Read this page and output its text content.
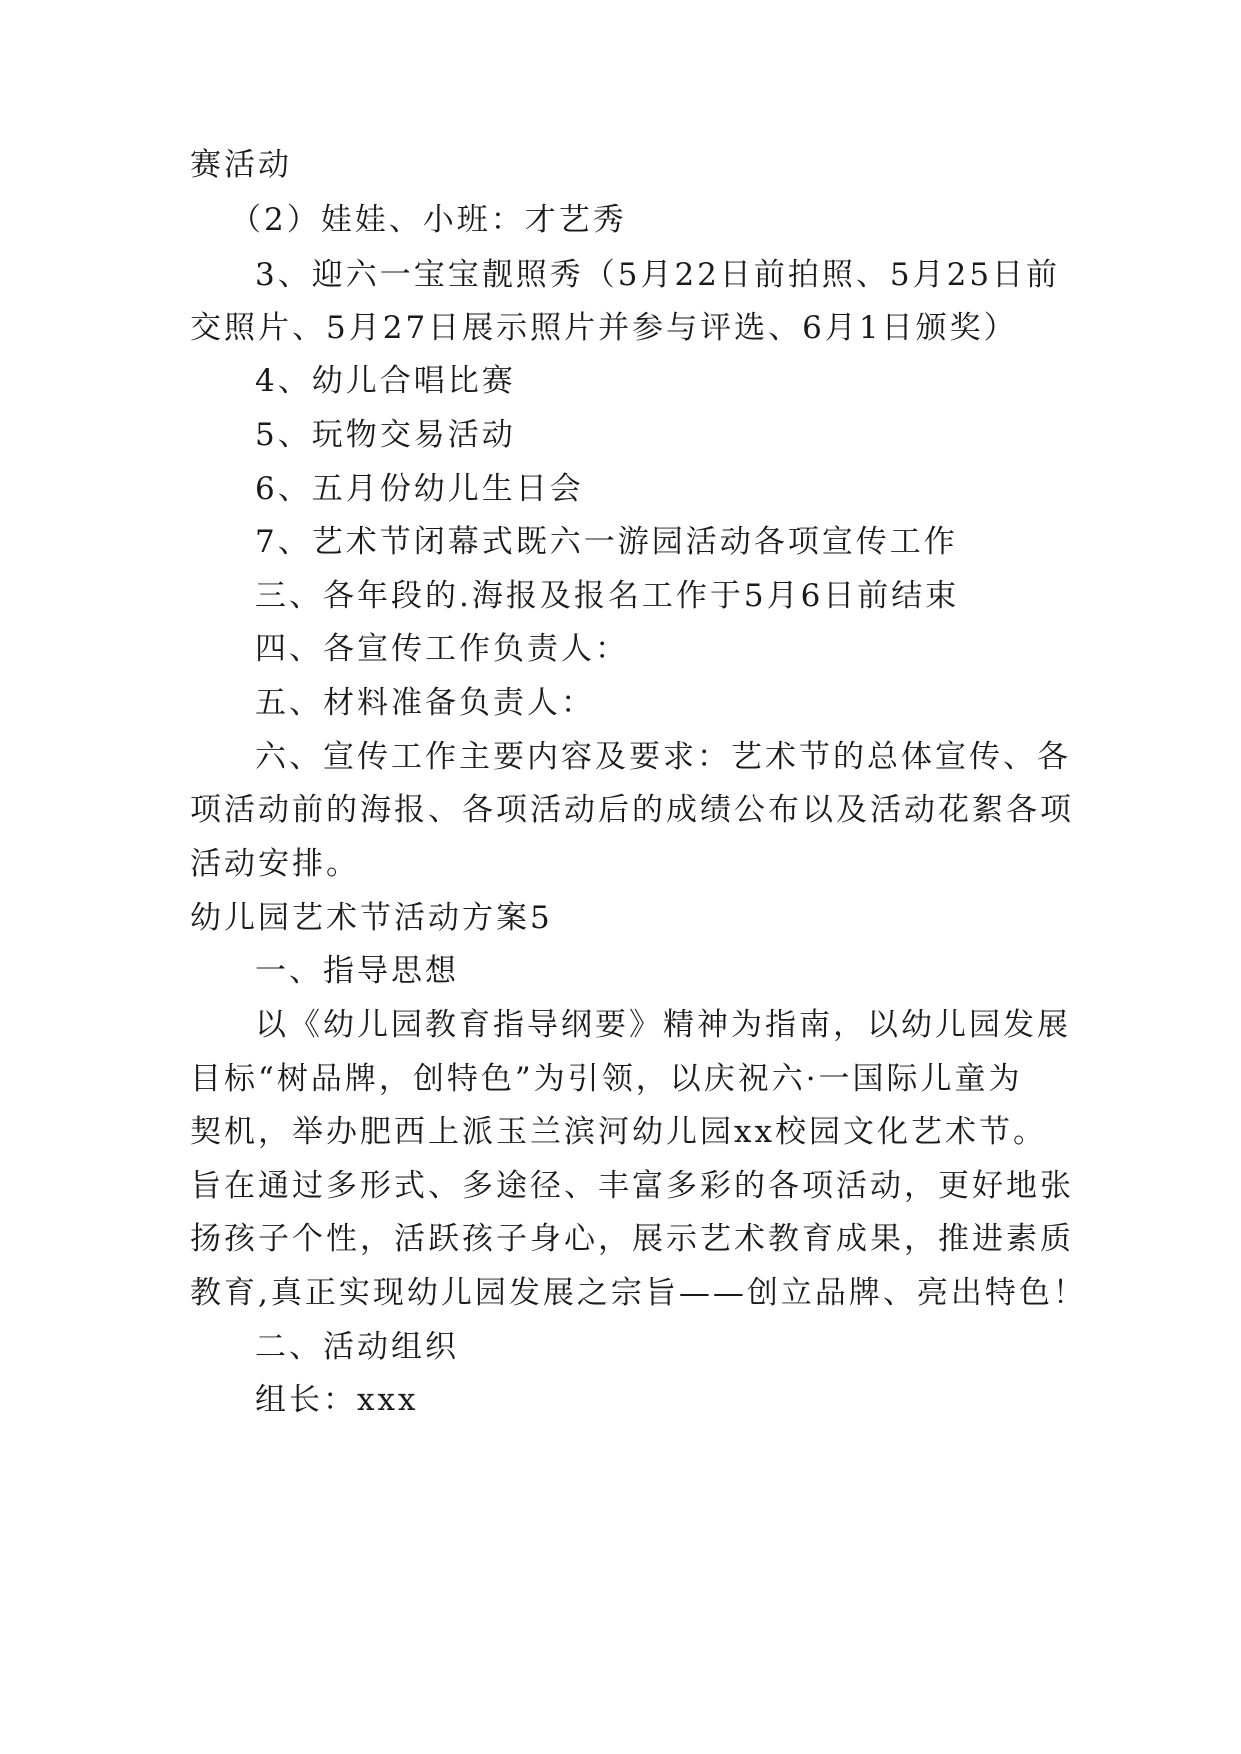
赛活动
（2）娃娃、小班：才艺秀
3、迎六一宝宝靓照秀（5月22日前拍照、5月25日前
交照片、5月27日展示照片并参与评选、6月1日颁奖）
4、幼儿合唱比赛
5、玩物交易活动
6、五月份幼儿生日会
7、艺术节闭幕式既六一游园活动各项宣传工作
三、各年段的.海报及报名工作于5月6日前结束
四、各宣传工作负责人：
五、材料准备负责人：
六、宣传工作主要内容及要求：艺术节的总体宣传、各
项活动前的海报、各项活动后的成绩公布以及活动花絮各项
活动安排。
幼儿园艺术节活动方案5
一、指导思想
以《幼儿园教育指导纲要》精神为指南，以幼儿园发展
目标“树品牌，创特色”为引领，以庆祝六·一国际儿童为
契机，举办肥西上派玉兰滨河幼儿园xx校园文化艺术节。
旨在通过多形式、多途径、丰富多彩的各项活动，更好地张
扬孩子个性，活跃孩子身心，展示艺术教育成果，推进素质
教育,真正实现幼儿园发展之宗旨——创立品牌、亮出特色！
二、活动组织
组长：xxx
